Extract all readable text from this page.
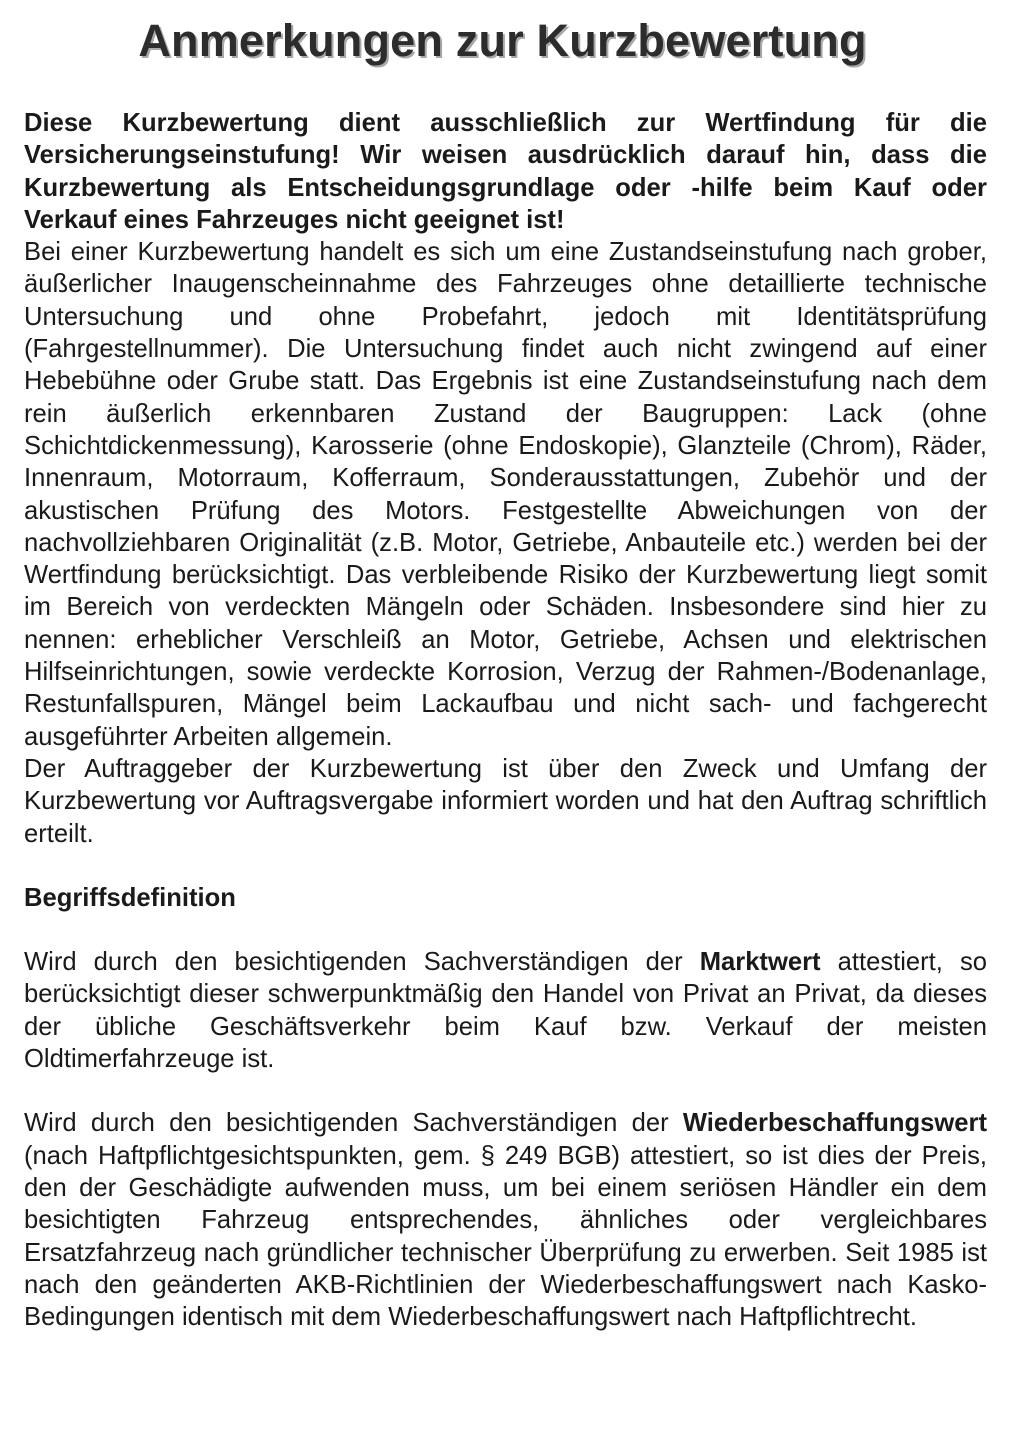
Anmerkungen zur Kurzbewertung

Diese Kurzbewertung dient ausschließlich zur Wertfindung für die Versicherungseinstufung! Wir weisen ausdrücklich darauf hin, dass die Kurzbewertung als Entscheidungsgrundlage oder -hilfe beim Kauf oder Verkauf eines Fahrzeuges nicht geeignet ist!

Bei einer Kurzbewertung handelt es sich um eine Zustandseinstufung nach grober, äußerlicher Inaugenscheinnahme des Fahrzeuges ohne detaillierte technische Untersuchung und ohne Probefahrt, jedoch mit Identitätsprüfung (Fahrgestellnummer). Die Untersuchung findet auch nicht zwingend auf einer Hebebühne oder Grube statt. Das Ergebnis ist eine Zustandseinstufung nach dem rein äußerlich erkennbaren Zustand der Baugruppen: Lack (ohne Schichtdickenmessung), Karosserie (ohne Endoskopie), Glanzteile (Chrom), Räder, Innenraum, Motorraum, Kofferraum, Sonderausstattungen, Zubehör und der akustischen Prüfung des Motors. Festgestellte Abweichungen von der nachvollziehbaren Originalität (z.B. Motor, Getriebe, Anbauteile etc.) werden bei der Wertfindung berücksichtigt. Das verbleibende Risiko der Kurzbewertung liegt somit im Bereich von verdeckten Mängeln oder Schäden. Insbesondere sind hier zu nennen: erheblicher Verschleiß an Motor, Getriebe, Achsen und elektrischen Hilfseinrichtungen, sowie verdeckte Korrosion, Verzug der Rahmen-/Bodenanlage, Restunfallspuren, Mängel beim Lackaufbau und nicht sach- und fachgerecht ausgeführter Arbeiten allgemein.

Der Auftraggeber der Kurzbewertung ist über den Zweck und Umfang der Kurzbewertung vor Auftragsvergabe informiert worden und hat den Auftrag schriftlich erteilt.

Begriffsdefinition

Wird durch den besichtigenden Sachverständigen der Marktwert attestiert, so berücksichtigt dieser schwerpunktmäßig den Handel von Privat an Privat, da dieses der übliche Geschäftsverkehr beim Kauf bzw. Verkauf der meisten Oldtimerfahrzeuge ist.

Wird durch den besichtigenden Sachverständigen der Wiederbeschaffungswert (nach Haftpflichtgesichtspunkten, gem. § 249 BGB) attestiert, so ist dies der Preis, den der Geschädigte aufwenden muss, um bei einem seriösen Händler ein dem besichtigten Fahrzeug entsprechendes, ähnliches oder vergleichbares Ersatzfahrzeug nach gründlicher technischer Überprüfung zu erwerben. Seit 1985 ist nach den geänderten AKB-Richtlinien der Wiederbeschaffungswert nach Kasko-Bedingungen identisch mit dem Wiederbeschaffungswert nach Haftpflichtrecht.
